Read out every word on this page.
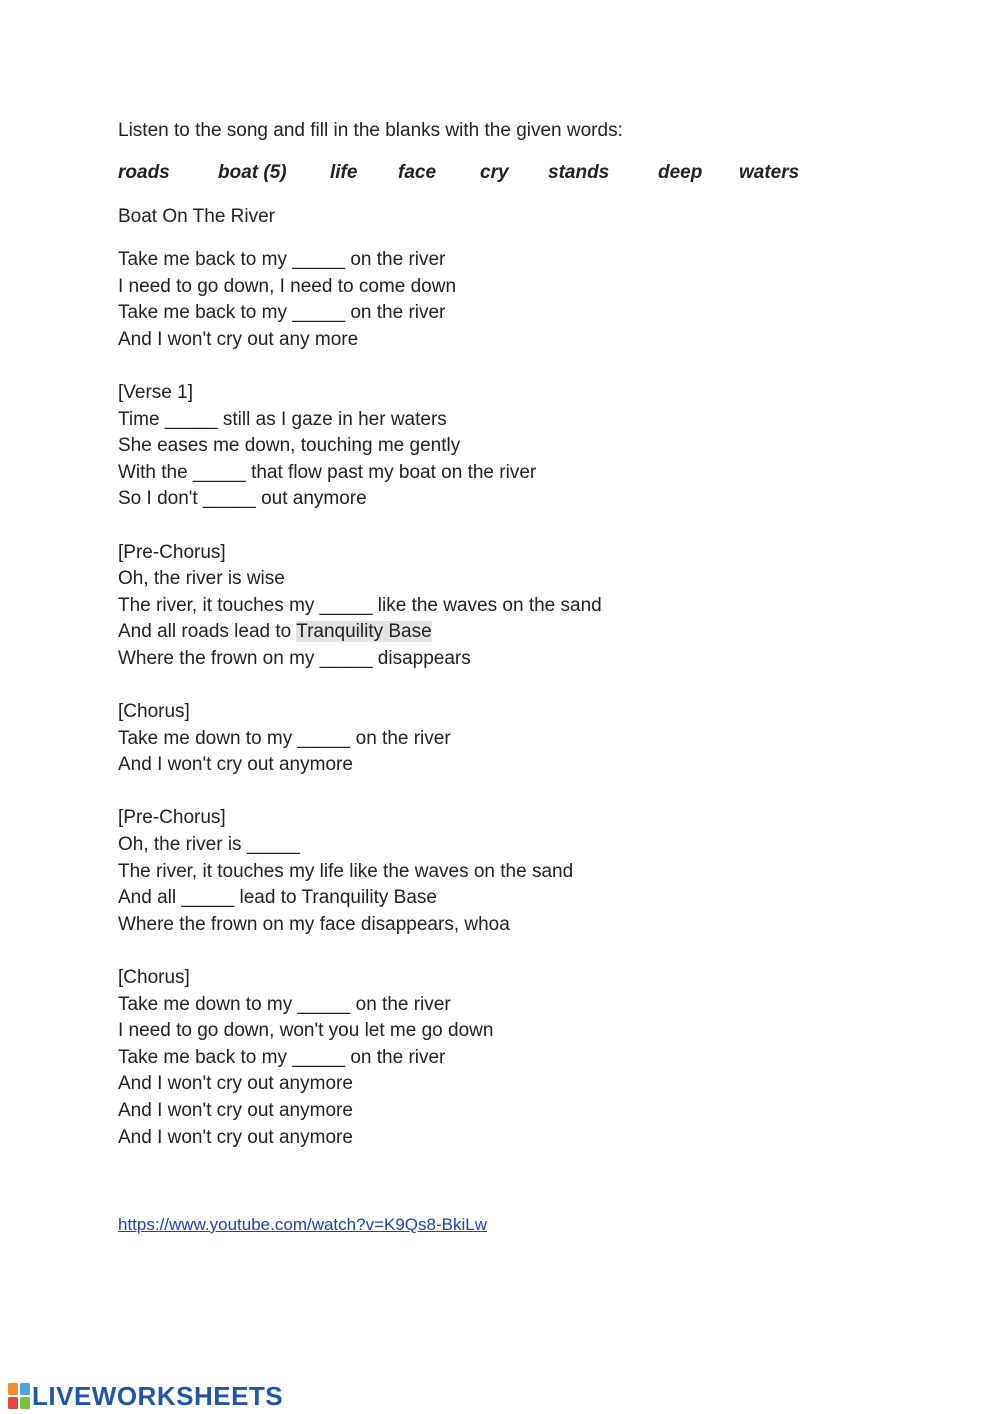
Listen to the song and fill in the blanks with the given words:
roads	boat (5) life face cry stands	deep waters
Boat On The River
Take me back to my _____ on the river
I need to go down, I need to come down
Take me back to my _____ on the river
And I won't cry out any more
[Verse 1]
Time _____ still as I gaze in her waters
She eases me down, touching me gently
With the _____ that flow past my boat on the river
So I don't _____ out anymore
[Pre-Chorus]
Oh, the river is wise
The river, it touches my _____ like the waves on the sand
And all roads lead to Tranquility Base
Where the frown on my _____ disappears
[Chorus]
Take me down to my _____ on the river
And I won't cry out anymore
[Pre-Chorus]
Oh, the river is _____
The river, it touches my life like the waves on the sand
And all _____ lead to Tranquility Base
Where the frown on my face disappears, whoa
[Chorus]
Take me down to my _____ on the river
I need to go down, won't you let me go down
Take me back to my _____ on the river
And I won't cry out anymore
And I won't cry out anymore
And I won't cry out anymore
https://www.youtube.com/watch?v=K9Qs8-BkiLw
LIVEWORKSHEETS
